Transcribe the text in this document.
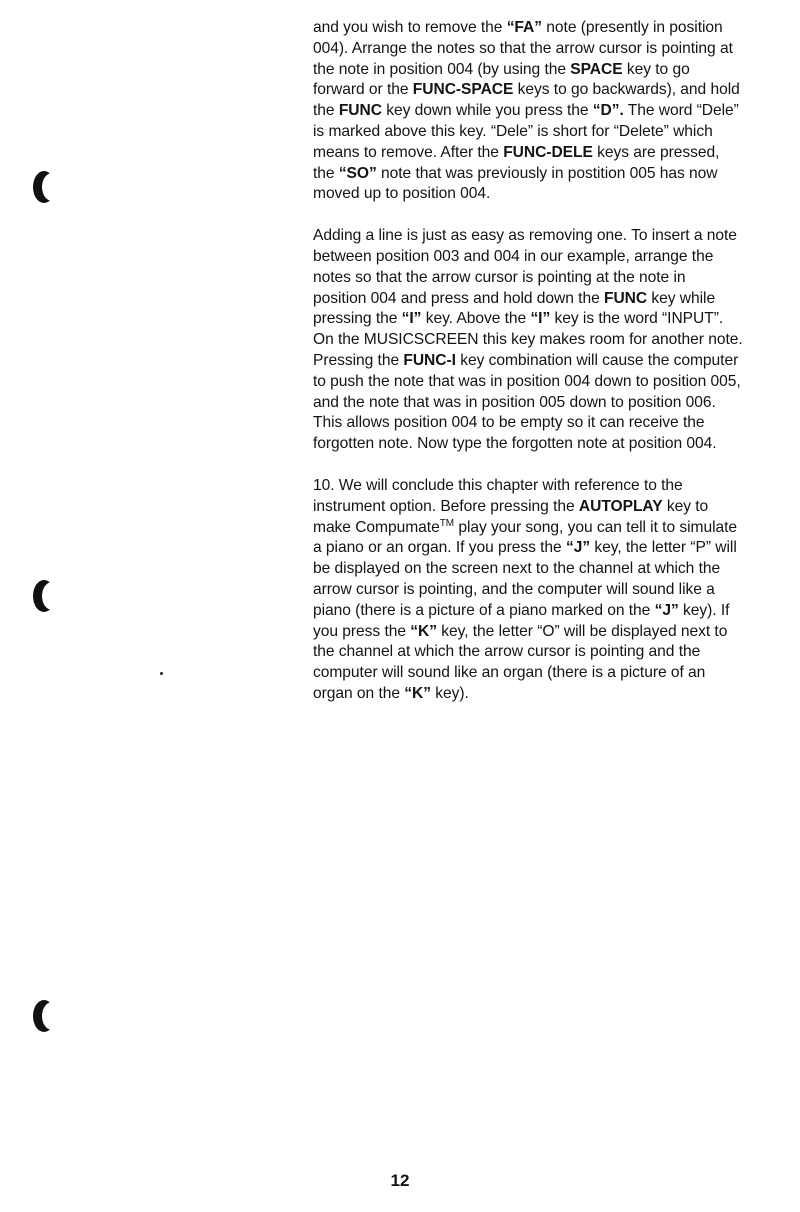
and you wish to remove the “FA” note (presently in position 004). Arrange the notes so that the arrow cursor is pointing at the note in position 004 (by using the SPACE key to go forward or the FUNC-SPACE keys to go backwards), and hold the FUNC key down while you press the “D”. The word “Dele” is marked above this key. “Dele” is short for “Delete” which means to remove. After the FUNC-DELE keys are pressed, the “SO” note that was previously in postition 005 has now moved up to position 004.

Adding a line is just as easy as removing one. To insert a note between position 003 and 004 in our example, arrange the notes so that the arrow cursor is pointing at the note in position 004 and press and hold down the FUNC key while pressing the “I” key. Above the “I” key is the word “INPUT”. On the MUSICSCREEN this key makes room for another note. Pressing the FUNC-I key combination will cause the computer to push the note that was in position 004 down to position 005, and the note that was in position 005 down to position 006. This allows position 004 to be empty so it can receive the forgotten note. Now type the forgotten note at position 004.

10. We will conclude this chapter with reference to the instrument option. Before pressing the AUTOPLAY key to make Compumate™ play your song, you can tell it to simulate a piano or an organ. If you press the “J” key, the letter “P” will be displayed on the screen next to the channel at which the arrow cursor is pointing, and the computer will sound like a piano (there is a picture of a piano marked on the “J” key). If you press the “K” key, the letter “O” will be displayed next to the channel at which the arrow cursor is pointing and the computer will sound like an organ (there is a picture of an organ on the “K” key).

12
